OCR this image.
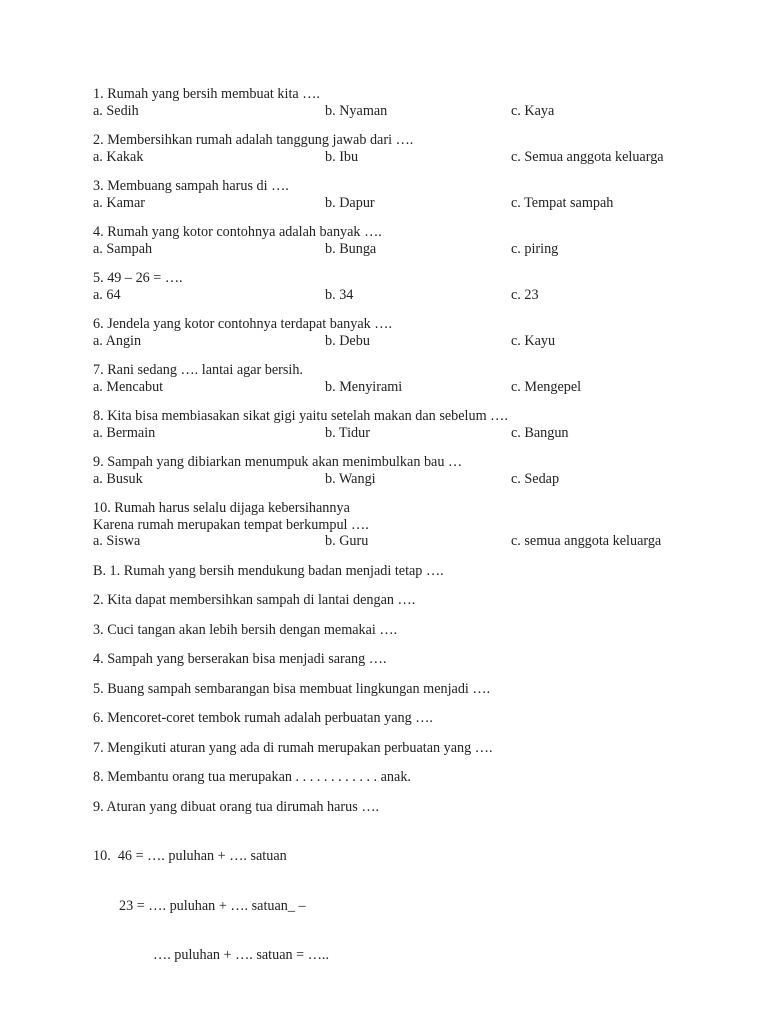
1. Rumah yang bersih membuat kita ….
a. Sedih	b. Nyaman	c. Kaya
2. Membersihkan rumah adalah tanggung jawab dari ….
a. Kakak	b. Ibu	c. Semua anggota keluarga
3. Membuang sampah harus di ….
a. Kamar	b. Dapur	c. Tempat sampah
4. Rumah yang kotor contohnya adalah banyak ….
a. Sampah	b. Bunga	c. piring
5. 49 – 26 = ….
a. 64	b. 34	c. 23
6. Jendela yang kotor contohnya terdapat banyak ….
a. Angin	b. Debu	c. Kayu
7. Rani sedang …. lantai agar bersih.
a. Mencabut	b. Menyirami	c. Mengepel
8. Kita bisa membiasakan sikat gigi yaitu setelah makan dan sebelum ….
a. Bermain	b. Tidur	c. Bangun
9. Sampah yang dibiarkan menumpuk akan menimbulkan bau …
a. Busuk	b. Wangi	c. Sedap
10. Rumah harus selalu dijaga kebersihannya
Karena rumah merupakan tempat berkumpul ….
a. Siswa	b. Guru	c. semua anggota keluarga
B. 1. Rumah yang bersih mendukung badan menjadi tetap ….
2. Kita dapat membersihkan sampah di lantai dengan ….
3. Cuci tangan akan lebih bersih dengan memakai ….
4. Sampah yang berserakan bisa menjadi sarang ….
5. Buang sampah sembarangan bisa membuat lingkungan menjadi ….
6. Mencoret-coret tembok rumah adalah perbuatan yang ….
7. Mengikuti aturan yang ada di rumah merupakan perbuatan yang ….
8. Membantu orang tua merupakan . . . . . . . . . . . . anak.
9. Aturan yang dibuat orang tua dirumah harus ….

10.  46 = …. puluhan + …. satuan

23 = …. puluhan + …. satuan_ –

…. puluhan + …. satuan = …..
